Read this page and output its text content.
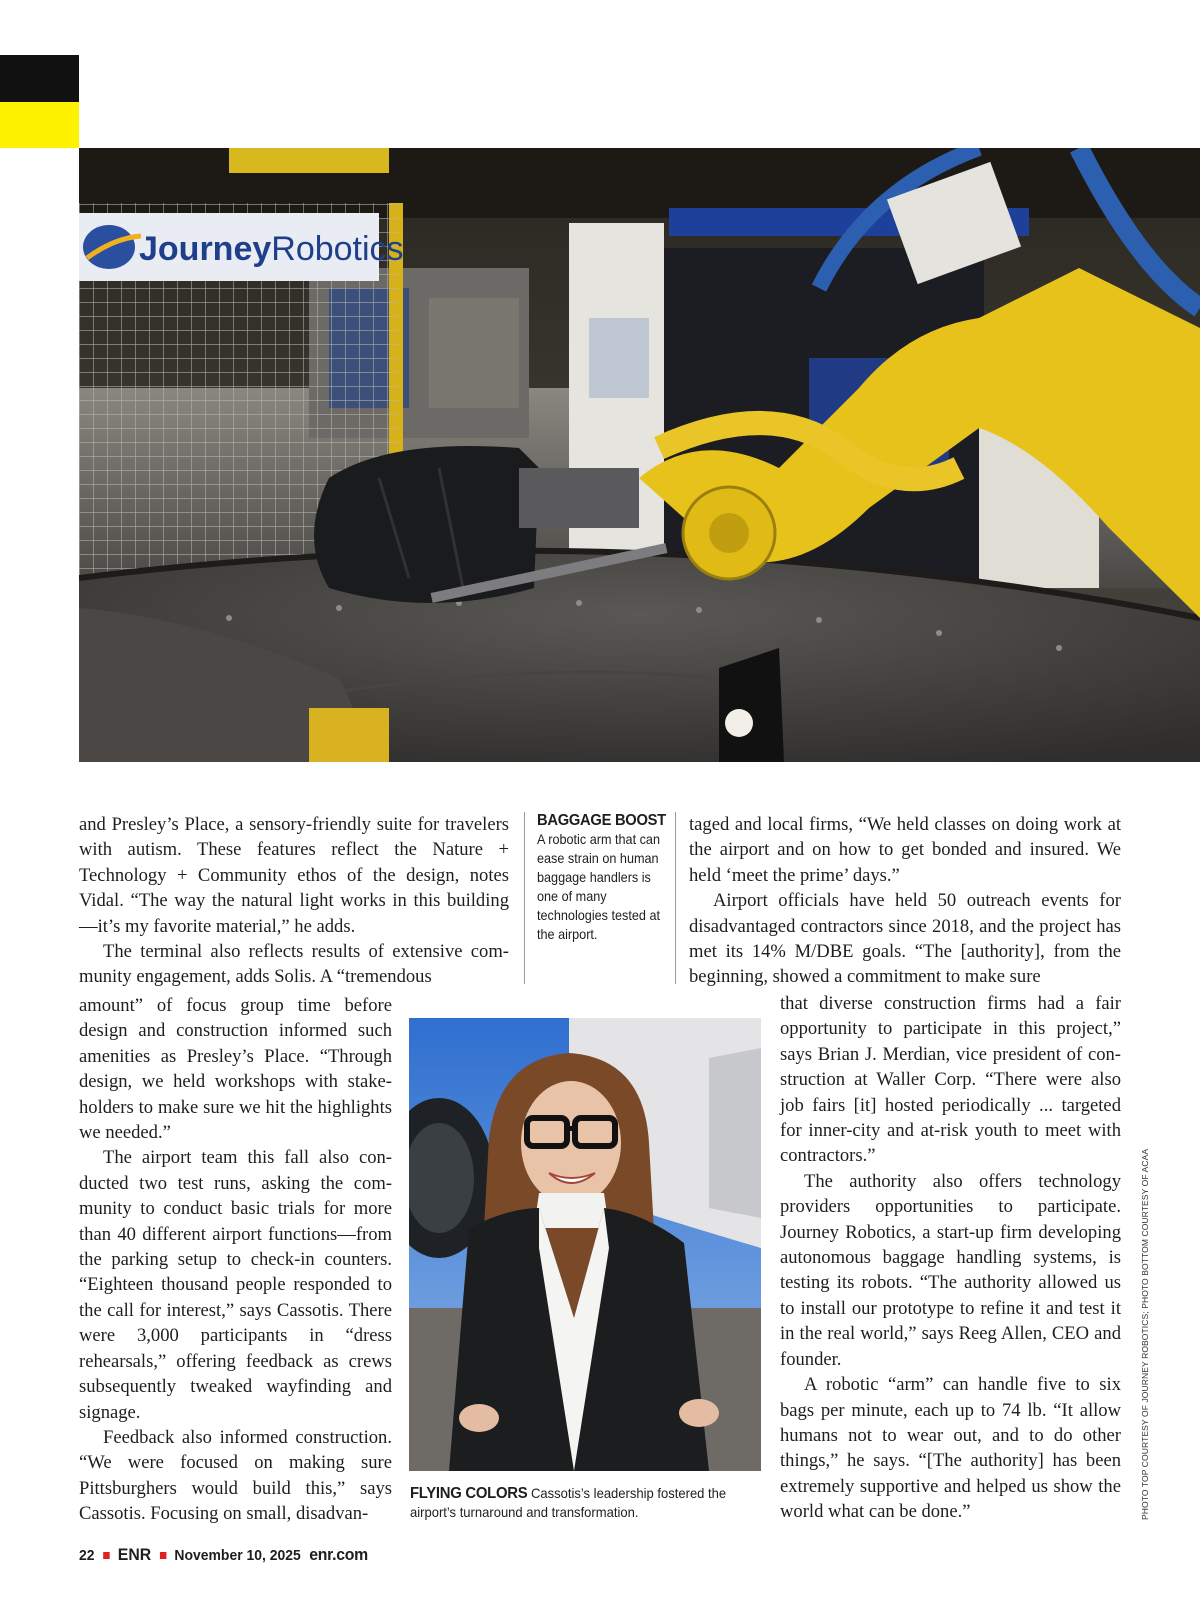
JourneyRobotics

and Presley’s Place, a sensory-friendly suite for travelers with autism. These features reflect the Nature + Technology + Community ethos of the design, notes Vidal. “The way the natural light works in this building—it’s my favorite material,” he adds.

The terminal also reflects results of extensive community engagement, adds Solis. A “tremendous

amount” of focus group time before design and construction informed such amenities as Presley’s Place. “Through design, we held workshops with stakeholders to make sure we hit the highlights we needed.”

The airport team this fall also conducted two test runs, asking the community to conduct basic trials for more than 40 different airport functions—from the parking setup to check-in counters. “Eighteen thousand people responded to the call for interest,” says Cassotis. There were 3,000 participants in “dress rehearsals,” offering feedback as crews subsequently tweaked wayfinding and signage.

Feedback also informed construction. “We were focused on making sure Pittsburghers would build this,” says Cassotis. Focusing on small, disadvan-

BAGGAGE BOOST
A robotic arm that can ease strain on human baggage handlers is one of many technologies tested at the airport.

taged and local firms, “We held classes on doing work at the airport and on how to get bonded and insured. We held ‘meet the prime’ days.”

Airport officials have held 50 outreach events for disadvantaged contractors since 2018, and the project has met its 14% M/DBE goals. “The [authority], from the beginning, showed a commitment to make sure

that diverse construction firms had a fair opportunity to participate in this project,” says Brian J. Merdian, vice president of construction at Waller Corp. “There were also job fairs [it] hosted periodically ... targeted for inner-city and at-risk youth to meet with contractors.”

The authority also offers technology providers opportunities to participate. Journey Robotics, a start-up firm developing autonomous baggage handling systems, is testing its robots. “The authority allowed us to install our prototype to refine it and test it in the real world,” says Reeg Allen, CEO and founder.

A robotic “arm” can handle five to six bags per minute, each up to 74 lb. “It allow humans not to wear out, and to do other things,” he says. “[The authority] has been extremely supportive and helped us show the world what can be done.”

FLYING COLORS Cassotis’s leadership fostered the airport’s turnaround and transformation.	PHOTO TOP COURTESY OF JOURNEY ROBOTICS; PHOTO BOTTOM COURTESY OF ACAA
22 ENR November 10, 2025 enr.com
